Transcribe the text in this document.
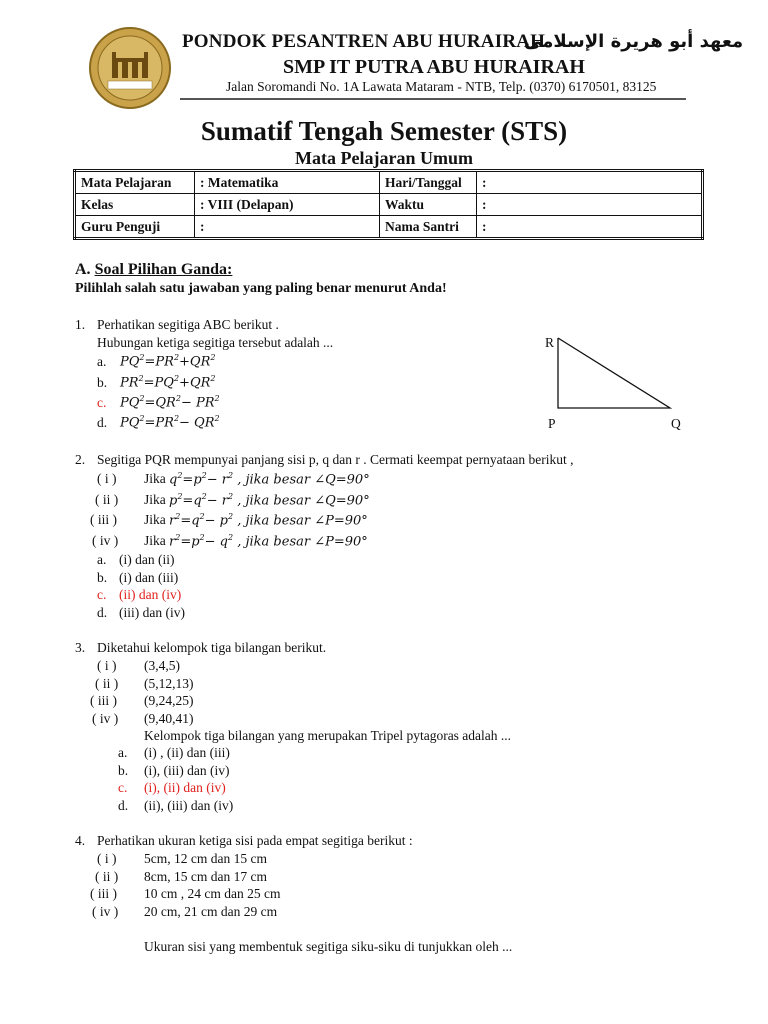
PONDOK PESANTREN ABU HURAIRAH
معهد أبو هريرة الإسلامى
SMP IT PUTRA ABU HURAIRAH
Jalan Soromandi No. 1A Lawata Mataram - NTB, Telp. (0370) 6170501, 83125
Sumatif Tengah Semester (STS)
Mata Pelajaran Umum
Mata Pelajaran	: Matematika	Hari/Tanggal	:
Kelas	: VIII (Delapan)	Waktu	:
Guru Penguji	:	Nama Santri	:
A. Soal Pilihan Ganda:
Pilihlah salah satu jawaban yang paling benar menurut Anda!
1. Perhatikan segitiga ABC berikut .
Hubungan ketiga segitiga tersebut adalah ...
a. $PQ^2=PR^2+QR^2$
b. $PR^2=PQ^2+QR^2$
c. $PQ^2=QR^2- PR^2$
d. $PQ^2=PR^2- QR^2$
R
P	Q
2. Segitiga PQR mempunyai panjang sisi p, q dan r . Cermati keempat pernyataan berikut ,
( i ) Jika $q^2=p^2- r^2$ , jika besar ∠Q=90°
( ii ) Jika $p^2=q^2- r^2$ , jika besar ∠Q=90°
( iii ) Jika $r^2=q^2- p^2$ , jika besar ∠P=90°
( iv ) Jika $r^2=p^2- q^2$ , jika besar ∠P=90°
a. (i) dan (ii)
b. (i) dan (iii)
c. (ii) dan (iv)
d. (iii) dan (iv)
3. Diketahui kelompok tiga bilangan berikut.
( i ) (3,4,5)
( ii ) (5,12,13)
( iii ) (9,24,25)
( iv ) (9,40,41)
Kelompok tiga bilangan yang merupakan Tripel pytagoras adalah ...
a. (i) , (ii) dan (iii)
b. (i), (iii) dan (iv)
c. (i), (ii) dan (iv)
d. (ii), (iii) dan (iv)
4. Perhatikan ukuran ketiga sisi pada empat segitiga berikut :
( i ) 5cm, 12 cm dan 15 cm
( ii ) 8cm, 15 cm dan 17 cm
( iii ) 10 cm , 24 cm dan 25 cm
( iv ) 20 cm, 21 cm dan 29 cm
Ukuran sisi yang membentuk segitiga siku-siku di tunjukkan oleh ...
